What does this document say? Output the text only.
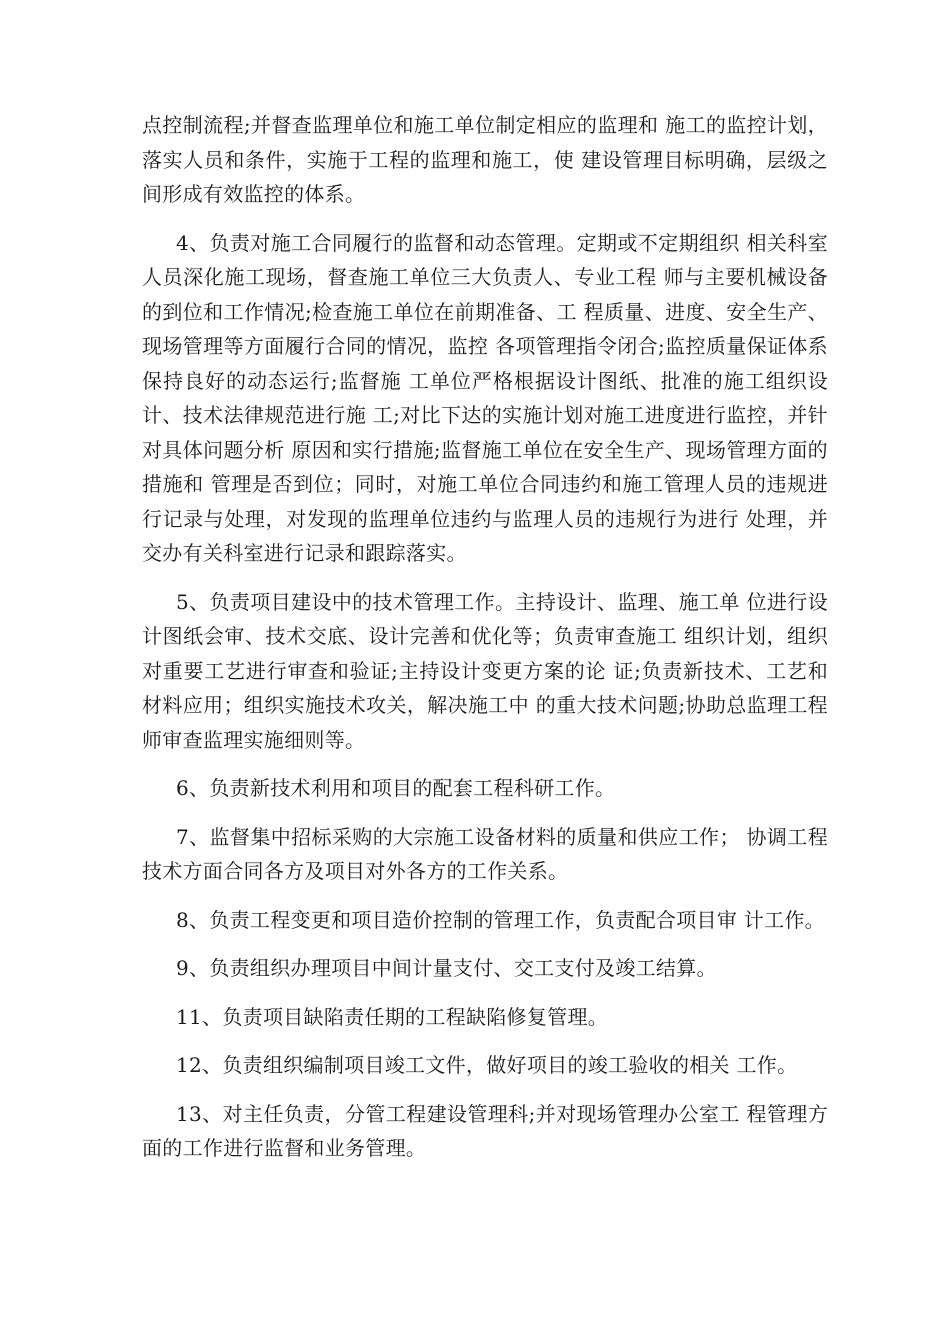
点控制流程;并督查监理单位和施工单位制定相应的监理和 施工的监控计划，落实人员和条件，实施于工程的监理和施工，使 建设管理目标明确，层级之间形成有效监控的体系。

4、负责对施工合同履行的监督和动态管理。定期或不定期组织 相关科室人员深化施工现场，督查施工单位三大负责人、专业工程 师与主要机械设备的到位和工作情况;检查施工单位在前期准备、工 程质量、进度、安全生产、现场管理等方面履行合同的情况，监控 各项管理指令闭合;监控质量保证体系保持良好的动态运行;监督施 工单位严格根据设计图纸、批准的施工组织设计、技术法律规范进行施 工;对比下达的实施计划对施工进度进行监控，并针对具体问题分析 原因和实行措施;监督施工单位在安全生产、现场管理方面的措施和 管理是否到位；同时，对施工单位合同违约和施工管理人员的违规进 行记录与处理，对发现的监理单位违约与监理人员的违规行为进行 处理，并交办有关科室进行记录和跟踪落实。

5、负责项目建设中的技术管理工作。主持设计、监理、施工单 位进行设计图纸会审、技术交底、设计完善和优化等；负责审查施工 组织计划，组织对重要工艺进行审查和验证;主持设计变更方案的论 证;负责新技术、工艺和材料应用；组织实施技术攻关，解决施工中 的重大技术问题;协助总监理工程师审查监理实施细则等。

6、负责新技术利用和项目的配套工程科研工作。

7、监督集中招标采购的大宗施工设备材料的质量和供应工作； 协调工程技术方面合同各方及项目对外各方的工作关系。

8、负责工程变更和项目造价控制的管理工作，负责配合项目审 计工作。

9、负责组织办理项目中间计量支付、交工支付及竣工结算。

11、负责项目缺陷责任期的工程缺陷修复管理。

12、负责组织编制项目竣工文件，做好项目的竣工验收的相关 工作。

13、对主任负责，分管工程建设管理科;并对现场管理办公室工 程管理方面的工作进行监督和业务管理。
